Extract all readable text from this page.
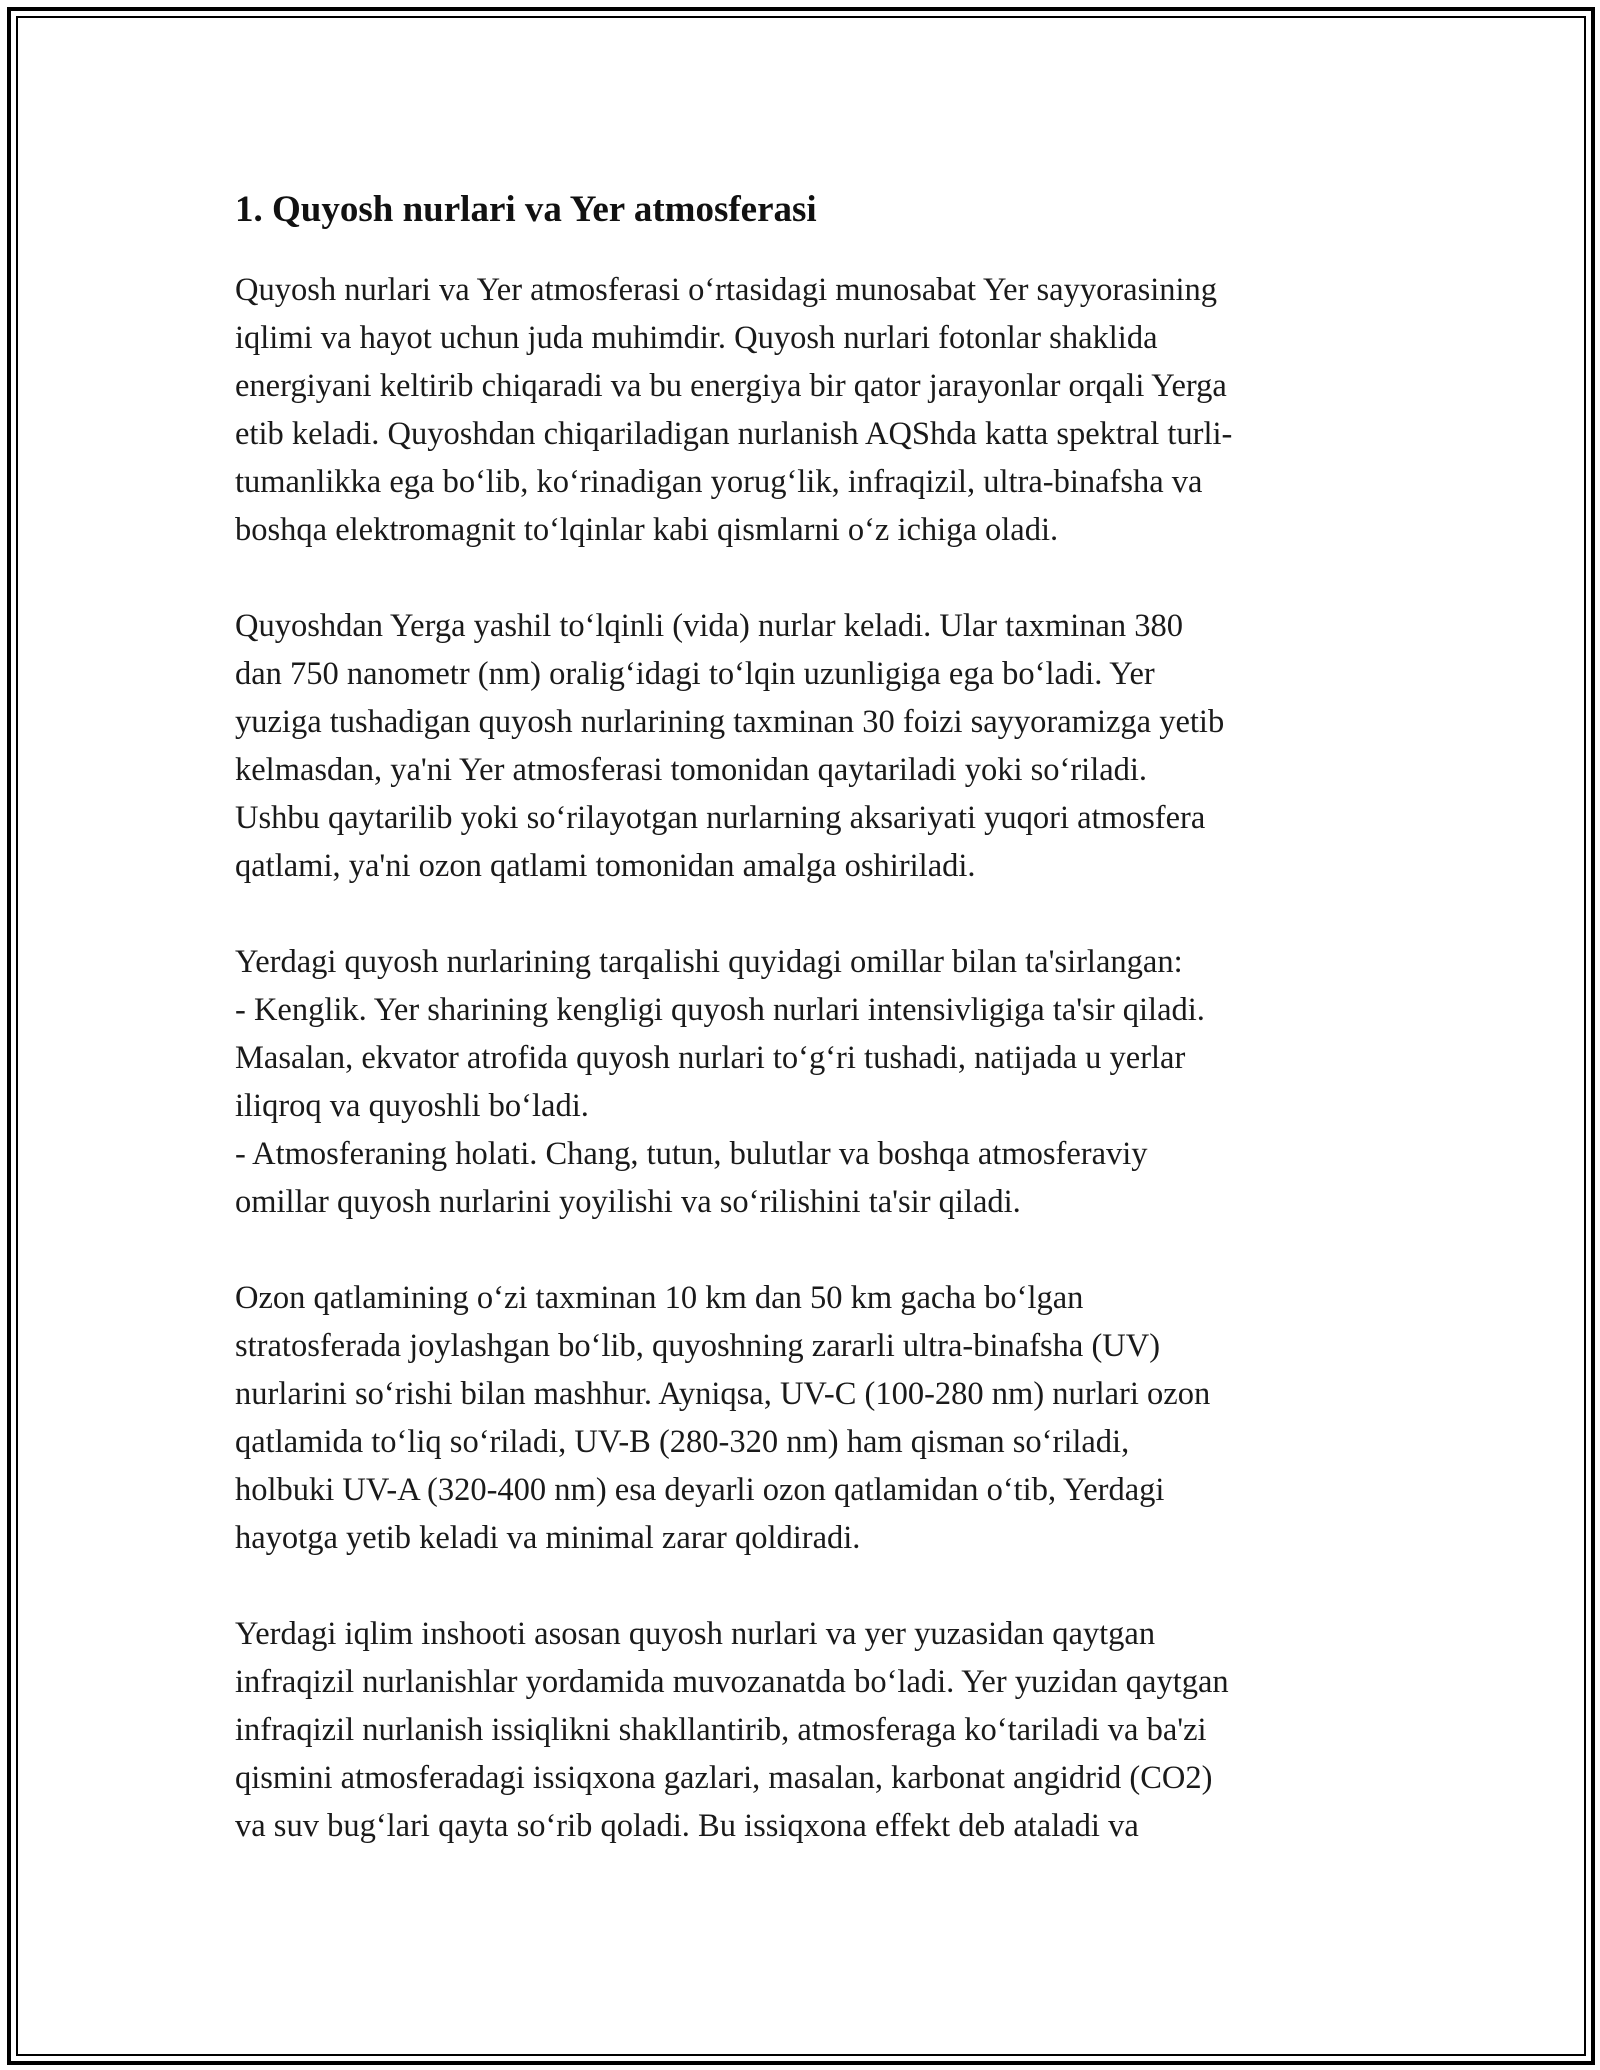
1. Quyosh nurlari va Yer atmosferasi
Quyosh nurlari va Yer atmosferasi o‘rtasidagi munosabat Yer sayyorasining
iqlimi va hayot uchun juda muhimdir. Quyosh nurlari fotonlar shaklida
energiyani keltirib chiqaradi va bu energiya bir qator jarayonlar orqali Yerga
etib keladi. Quyoshdan chiqariladigan nurlanish AQShda katta spektral turli-
tumanlikka ega bo‘lib, ko‘rinadigan yorug‘lik, infraqizil, ultra-binafsha va
boshqa elektromagnit to‘lqinlar kabi qismlarni o‘z ichiga oladi.
Quyoshdan Yerga yashil to‘lqinli (vida) nurlar keladi. Ular taxminan 380
dan 750 nanometr (nm) oralig‘idagi to‘lqin uzunligiga ega bo‘ladi. Yer
yuziga tushadigan quyosh nurlarining taxminan 30 foizi sayyoramizga yetib
kelmasdan, ya'ni Yer atmosferasi tomonidan qaytariladi yoki so‘riladi.
Ushbu qaytarilib yoki so‘rilayotgan nurlarning aksariyati yuqori atmosfera
qatlami, ya'ni ozon qatlami tomonidan amalga oshiriladi.
Yerdagi quyosh nurlarining tarqalishi quyidagi omillar bilan ta'sirlangan:
- Kenglik. Yer sharining kengligi quyosh nurlari intensivligiga ta'sir qiladi.
Masalan, ekvator atrofida quyosh nurlari to‘g‘ri tushadi, natijada u yerlar
iliqroq va quyoshli bo‘ladi.
- Atmosferaning holati. Chang, tutun, bulutlar va boshqa atmosferaviy
omillar quyosh nurlarini yoyilishi va so‘rilishini ta'sir qiladi.
Ozon qatlamining o‘zi taxminan 10 km dan 50 km gacha bo‘lgan
stratosferada joylashgan bo‘lib, quyoshning zararli ultra-binafsha (UV)
nurlarini so‘rishi bilan mashhur. Ayniqsa, UV-C (100-280 nm) nurlari ozon
qatlamida to‘liq so‘riladi, UV-B (280-320 nm) ham qisman so‘riladi,
holbuki UV-A (320-400 nm) esa deyarli ozon qatlamidan o‘tib, Yerdagi
hayotga yetib keladi va minimal zarar qoldiradi.
Yerdagi iqlim inshooti asosan quyosh nurlari va yer yuzasidan qaytgan
infraqizil nurlanishlar yordamida muvozanatda bo‘ladi. Yer yuzidan qaytgan
infraqizil nurlanish issiqlikni shakllantirib, atmosferaga ko‘tariladi va ba'zi
qismini atmosferadagi issiqxona gazlari, masalan, karbonat angidrid (CO2)
va suv bug‘lari qayta so‘rib qoladi. Bu issiqxona effekt deb ataladi va
